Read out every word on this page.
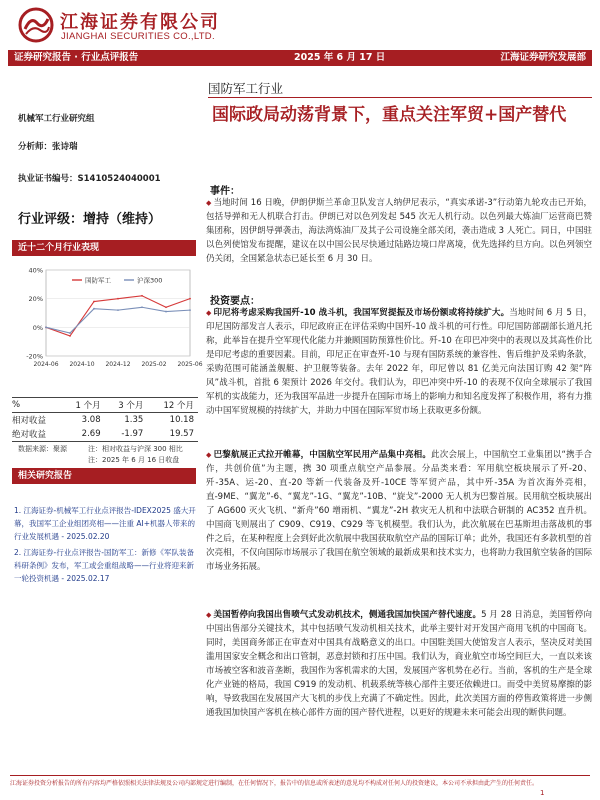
江海证券有限公司
JIANGHAI SECURITIES CO.,LTD.
证券研究报告 · 行业点评报告	2025 年 6 月 17 日	江海证券研究发展部
国防军工行业
国际政局动荡背景下，重点关注军贸+国产替代
机械军工行业研究组
分析师：张诗瑞
执业证书编号：S1410524040001
行业评级：增持（维持）
近十二个月行业表现
40%
20%
0%
-20%
2024-06 2024-10 2024-12 2025-02 2025-06
国防军工	沪深300
%	1 个月	3 个月	12 个月
相对收益	3.08	1.35	10.18
绝对收益	2.69	-1.97	19.57
数据来源：聚源	注：相对收益与沪深 300 相比
注：2025 年 6 月 16 日收盘
相关研究报告

1. 江海证券-机械军工行业点评报告-IDEX2025 盛大开幕，我国军工企业组团亮相——注重 AI+机器人带来的行业发展机遇 - 2025.02.20

2. 江海证券-行业点评报告-国防军工：新修《军队装备科研条例》发布，军工或会重组战略——行业将迎来新一轮投资机遇 - 2025.02.17

事件：
◆ 当地时间 16 日晚，伊朗伊斯兰革命卫队发言人纳伊尼表示，“真实承诺-3”行动第九轮攻击已开始，包括导弹和无人机联合打击。伊朗已对以色列发起 545 次无人机行动。以色列最大炼油厂运营商巴赞集团称，因伊朗导弹袭击，海法湾炼油厂及其子公司设施全部关闭，袭击造成 3 人死亡。同日，中国驻以色列使馆发布提醒，建议在以中国公民尽快通过陆路边境口岸离境，优先选择约旦方向。以色列领空仍关闭，全国紧急状态已延长至 6 月 30 日。
投资要点：
◆ 印尼将考虑采购我国歼-10 战斗机，我国军贸提振及市场份额或将持续扩大。当地时间 6 月 5 日，印尼国防部发言人表示，印尼政府正在评估采购中国歼-10 战斗机的可行性。印尼国防部副部长道凡托称，此举旨在提升空军现代化能力并兼顾国防预算性价比。歼-10 在印巴冲突中的表现以及其高性价比是印尼考虑的重要因素。目前，印尼正在审查歼-10 与现有国防系统的兼容性、售后维护及采购条款，采购范围可能涵盖舰艇、护卫舰等装备。去年 2022 年，印尼曾以 81 亿美元向法国订购 42 架“阵风”战斗机，首批 6 架预计 2026 年交付。我们认为，印巴冲突中歼-10 的表现不仅向全球展示了我国军机的实战能力，还为我国军品进一步提升在国际市场上的影响力和知名度发挥了积极作用，将有力推动中国军贸规模的持续扩大，并助力中国在国际军贸市场上获取更多份额。
◆ 巴黎航展正式拉开帷幕，中国航空军民用产品集中亮相。此次会展上，中国航空工业集团以“携手合作，共创价值”为主题，携 30 项重点航空产品参展。分品类来看：军用航空板块展示了歼-20、歼-35A、运-20、直-20 等新一代装备及歼-10CE 等军贸产品，其中歼-35A 为首次海外亮相，直-9ME、“翼龙”-6、“翼龙”-1G、“翼龙”-10B、“旋戈”-2000 无人机为巴黎首展。民用航空板块展出了 AG600 灭火飞机、“新舟”60 增雨机、“翼龙”-2H 救灾无人机和中法联合研制的 AC352 直升机。中国商飞则展出了 C909、C919、C929 等飞机模型。我们认为，此次航展在巴基斯坦击落战机的事件之后，在某种程度上会到好此次航展中我国获取航空产品的国际订单；此外，我国还有多款机型的首次亮相，不仅向国际市场展示了我国在航空领域的最新成果和技术实力，也将助力我国航空装备的国际市场业务拓展。
◆ 美国暂停向我国出售喷气式发动机技术，侧通我国加快国产替代速度。5 月 28 日消息，美国暂停向中国出售部分关键技术，其中包括喷气发动机相关技术，此举主要针对开发国产商用飞机的中国商飞。同时，美国商务部正在审查对中国具有战略意义的出口。中国駐美国大使馆发言人表示，坚决反对美国滥用国家安全概念和出口管制，恶意封锁和打压中国。我们认为，商业航空市场空间巨大，一直以来该市场被空客和波音垄断，我国作为客机需求的大国，发展国产客机势在必行。当前，客机的生产是全球化产业链的格局，我国 C919 的发动机、机载系统等核心部件主要还依赖进口。而受中美贸易摩擦的影响，导致我国在发展国产大飞机的步伐上充满了不确定性。因此，此次美国方面的停售政策将进一步侧通我国加快国产客机在核心部件方面的国产替代进程，以更好的规避未来可能会出现的断供问题。
江海证券投资分析报告的所有内容均严格依照相关法律法规及公司内部规定进行编制，在任何情况下，报告中的信息或所表述的意见均不构成对任何人的投资建议，本公司不承担由此产生的任何责任。
1
